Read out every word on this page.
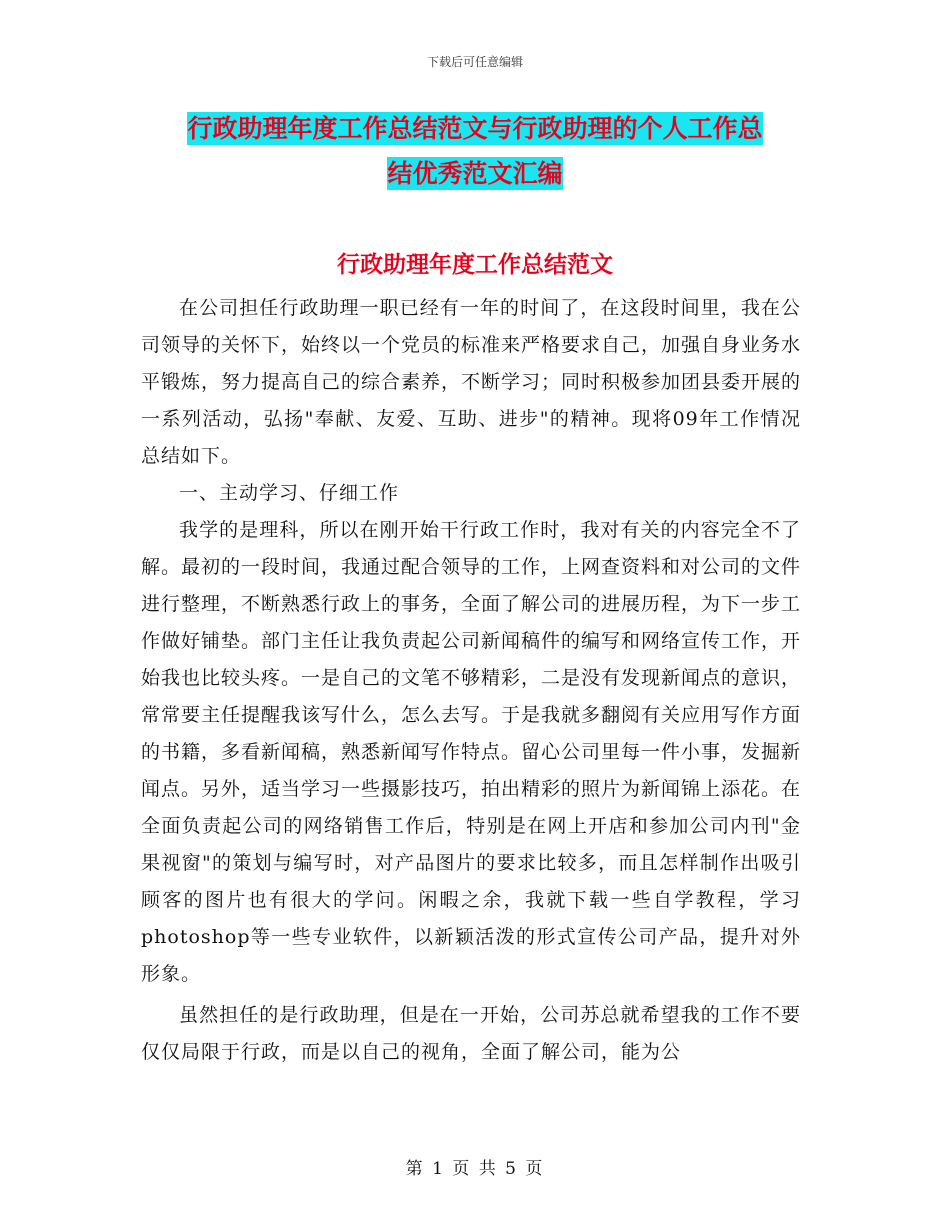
下载后可任意编辑
行政助理年度工作总结范文与行政助理的个人工作总
结优秀范文汇编
行政助理年度工作总结范文

在公司担任行政助理一职已经有一年的时间了，在这段时间里，我在公司领导的关怀下，始终以一个党员的标准来严格要求自己，加强自身业务水平锻炼，努力提高自己的综合素养，不断学习；同时积极参加团县委开展的一系列活动，弘扬"奉献、友爱、互助、进步"的精神。现将09年工作情况总结如下。

一、主动学习、仔细工作

我学的是理科，所以在刚开始干行政工作时，我对有关的内容完全不了解。最初的一段时间，我通过配合领导的工作，上网查资料和对公司的文件进行整理，不断熟悉行政上的事务，全面了解公司的进展历程，为下一步工作做好铺垫。部门主任让我负责起公司新闻稿件的编写和网络宣传工作，开始我也比较头疼。一是自己的文笔不够精彩，二是没有发现新闻点的意识，常常要主任提醒我该写什么，怎么去写。于是我就多翻阅有关应用写作方面的书籍，多看新闻稿，熟悉新闻写作特点。留心公司里每一件小事，发掘新闻点。另外，适当学习一些摄影技巧，拍出精彩的照片为新闻锦上添花。在全面负责起公司的网络销售工作后，特别是在网上开店和参加公司内刊"金果视窗"的策划与编写时，对产品图片的要求比较多，而且怎样制作出吸引顾客的图片也有很大的学问。闲暇之余，我就下载一些自学教程，学习photoshop等一些专业软件，以新颖活泼的形式宣传公司产品，提升对外形象。

虽然担任的是行政助理，但是在一开始，公司苏总就希望我的工作不要仅仅局限于行政，而是以自己的视角，全面了解公司，能为公

第 1 页 共 5 页
